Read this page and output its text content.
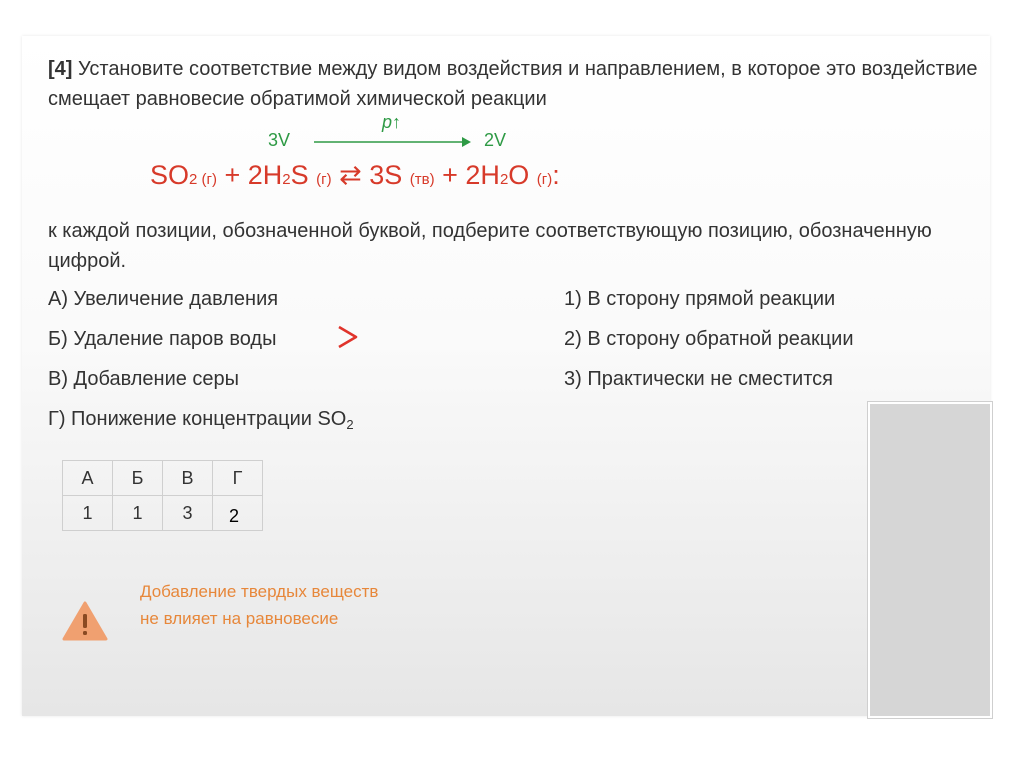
[4] Установите соответствие между видом воздействия и направлением, в которое это воздействие смещает равновесие обратимой химической реакции
3V
p↑
2V
SO2 (г) + 2H2S (г) ⇄ 3S (тв) + 2H2O (г):
к каждой позиции, обозначенной буквой, подберите соответствующую позицию, обозначенную цифрой.
А) Увеличение давления
Б) Удаление паров воды
В) Добавление серы
Г) Понижение концентрации $SO_2$
1) В сторону прямой реакции
2) В сторону обратной реакции
3) Практически не сместится
А	Б	В	Г
1	1	3	2
Добавление твердых веществ не влияет на равновесие
